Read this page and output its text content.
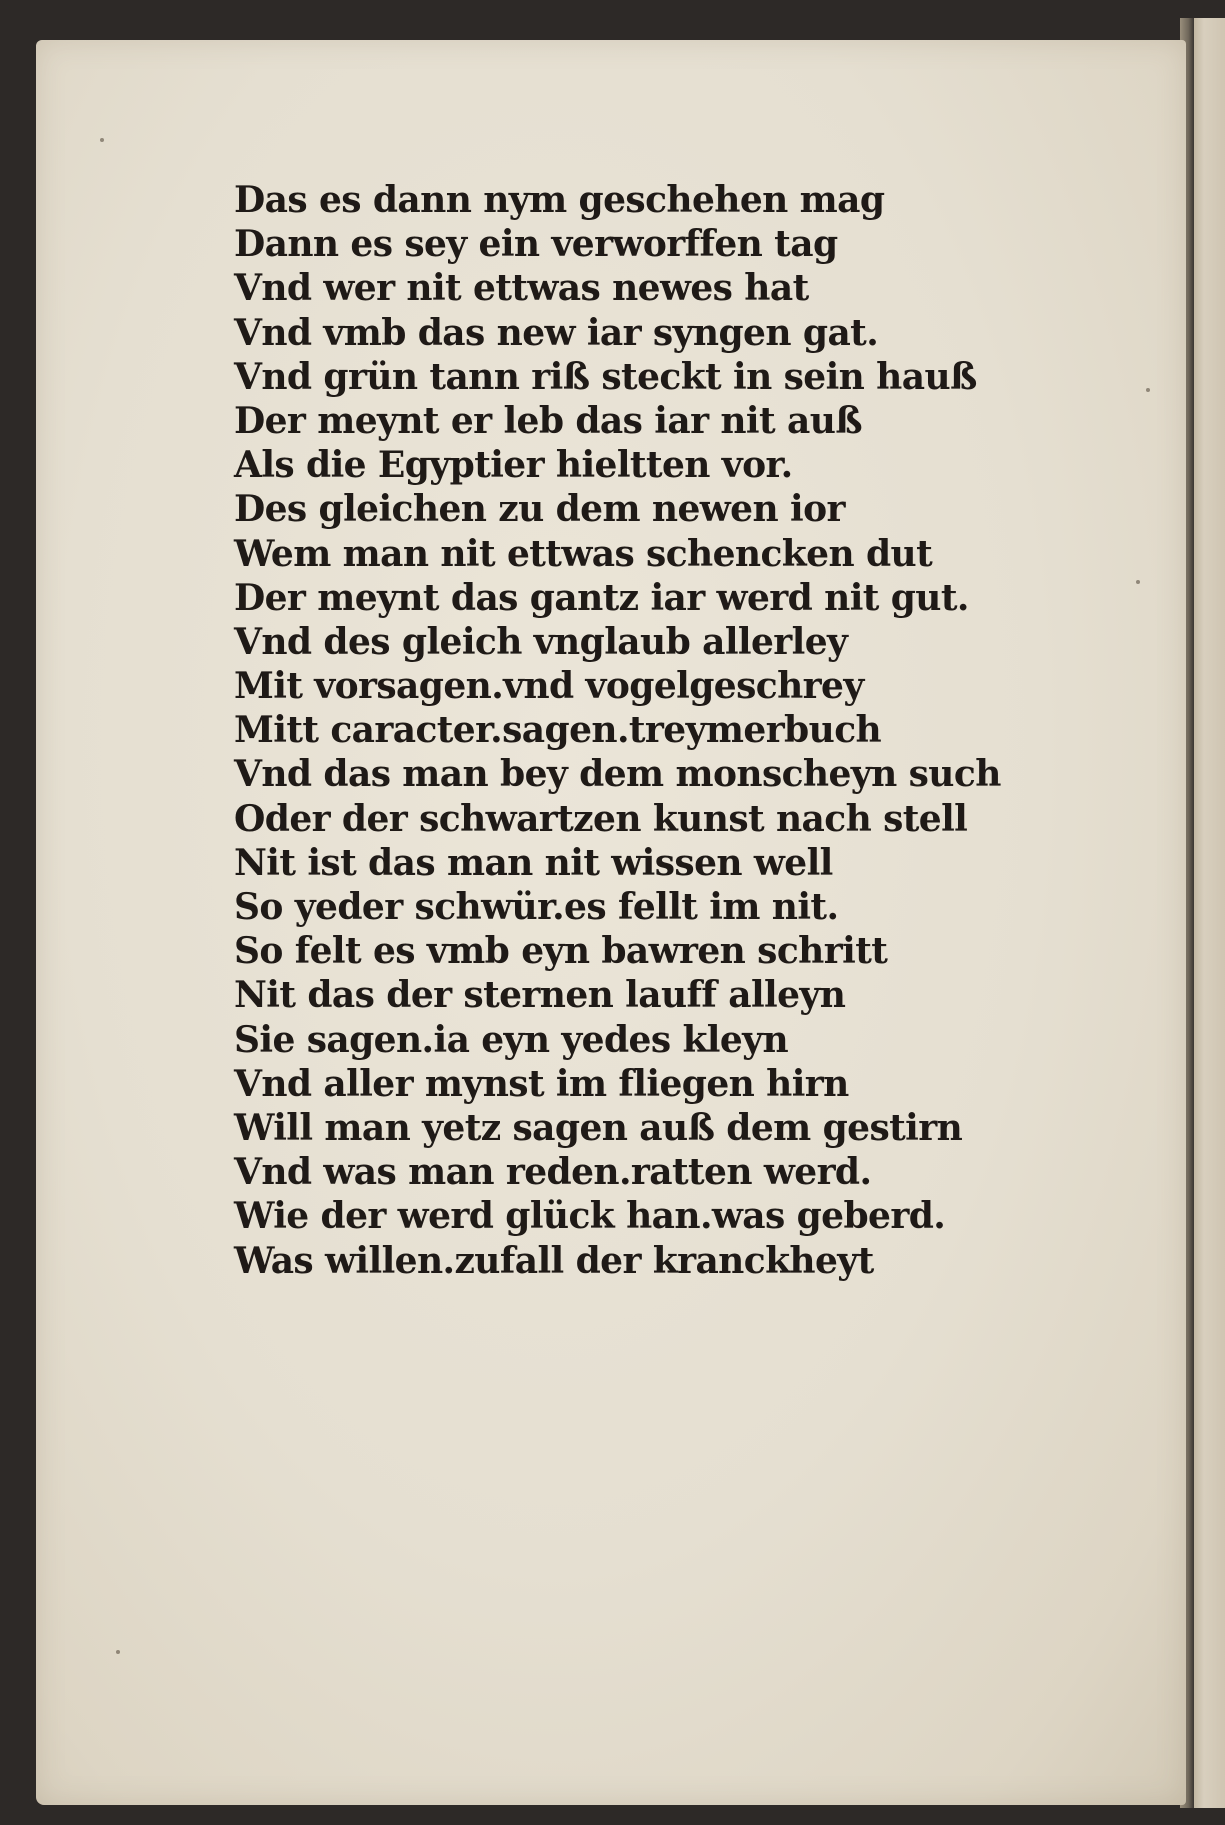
Das es dann nym geschehen mag
Dann es sey ein verworffen tag
Vnd wer nit ettwas newes hat
Vnd vmb das new iar syngen gat.
Vnd grün tann riß steckt in sein hauß
Der meynt er leb das iar nit auß
Als die Egyptier hieltten vor.
Des gleichen zu dem newen ior
Wem man nit ettwas schencken dut
Der meynt das gantz iar werd nit gut.
Vnd des gleich vnglaub allerley
Mit vorsagen.vnd vogelgeschrey
Mitt caracter.sagen.treymerbuch
Vnd das man bey dem monscheyn such
Oder der schwartzen kunst nach stell
Nit ist das man nit wissen well
So yeder schwür.es fellt im nit.
So felt es vmb eyn bawren schritt
Nit das der sternen lauff alleyn
Sie sagen.ia eyn yedes kleyn
Vnd aller mynst im fliegen hirn
Will man yetz sagen auß dem gestirn
Vnd was man reden.ratten werd.
Wie der werd glück han.was geberd.
Was willen.zufall der kranckheyt
